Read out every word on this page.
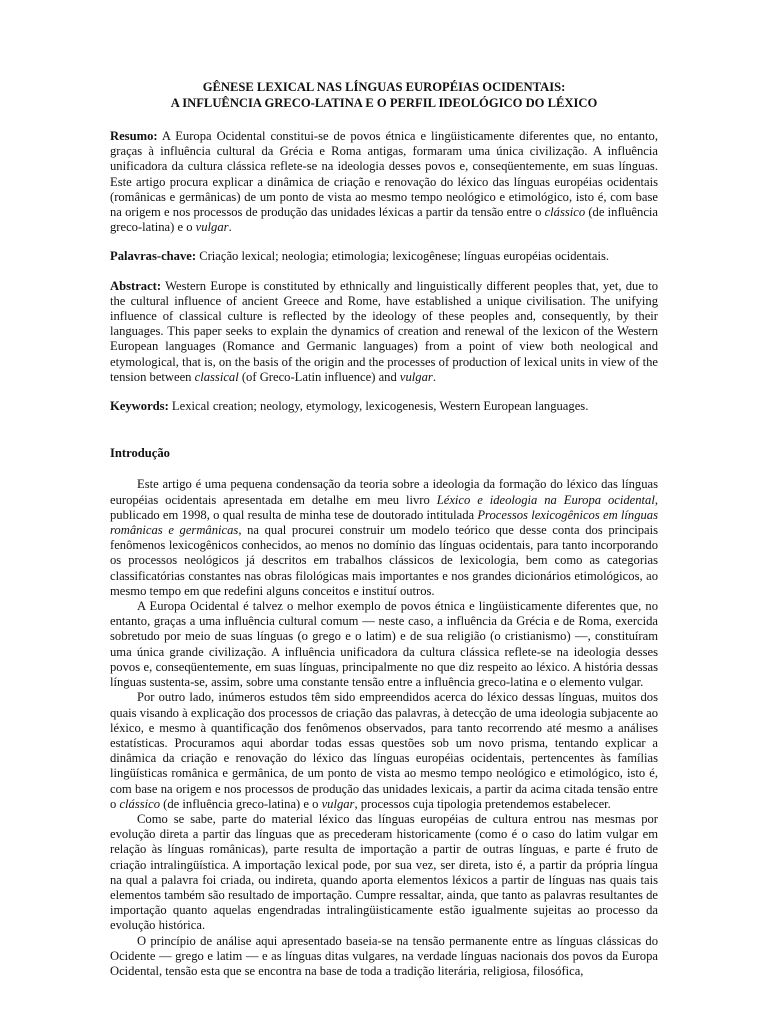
GÊNESE LEXICAL NAS LÍNGUAS EUROPÉIAS OCIDENTAIS:
A INFLUÊNCIA GRECO-LATINA E O PERFIL IDEOLÓGICO DO LÉXICO

Resumo: A Europa Ocidental constitui-se de povos étnica e lingüisticamente diferentes que, no entanto, graças à influência cultural da Grécia e Roma antigas, formaram uma única civilização. A influência unificadora da cultura clássica reflete-se na ideologia desses povos e, conseqüentemente, em suas línguas. Este artigo procura explicar a dinâmica de criação e renovação do léxico das línguas européias ocidentais (românicas e germânicas) de um ponto de vista ao mesmo tempo neológico e etimológico, isto é, com base na origem e nos processos de produção das unidades léxicas a partir da tensão entre o clássico (de influência greco-latina) e o vulgar.

Palavras-chave: Criação lexical; neologia; etimologia; lexicogênese; línguas européias ocidentais.

Abstract: Western Europe is constituted by ethnically and linguistically different peoples that, yet, due to the cultural influence of ancient Greece and Rome, have established a unique civilisation. The unifying influence of classical culture is reflected by the ideology of these peoples and, consequently, by their languages. This paper seeks to explain the dynamics of creation and renewal of the lexicon of the Western European languages (Romance and Germanic languages) from a point of view both neological and etymological, that is, on the basis of the origin and the processes of production of lexical units in view of the tension between classical (of Greco-Latin influence) and vulgar.

Keywords: Lexical creation; neology, etymology, lexicogenesis, Western European languages.

Introdução

Este artigo é uma pequena condensação da teoria sobre a ideologia da formação do léxico das línguas européias ocidentais apresentada em detalhe em meu livro Léxico e ideologia na Europa ocidental, publicado em 1998, o qual resulta de minha tese de doutorado intitulada Processos lexicogênicos em línguas românicas e germânicas, na qual procurei construir um modelo teórico que desse conta dos principais fenômenos lexicogênicos conhecidos, ao menos no domínio das línguas ocidentais, para tanto incorporando os processos neológicos já descritos em trabalhos clássicos de lexicologia, bem como as categorias classificatórias constantes nas obras filológicas mais importantes e nos grandes dicionários etimológicos, ao mesmo tempo em que redefini alguns conceitos e instituí outros.

A Europa Ocidental é talvez o melhor exemplo de povos étnica e lingüisticamente diferentes que, no entanto, graças a uma influência cultural comum — neste caso, a influência da Grécia e de Roma, exercida sobretudo por meio de suas línguas (o grego e o latim) e de sua religião (o cristianismo) —, constituíram uma única grande civilização. A influência unificadora da cultura clássica reflete-se na ideologia desses povos e, conseqüentemente, em suas línguas, principalmente no que diz respeito ao léxico. A história dessas línguas sustenta-se, assim, sobre uma constante tensão entre a influência greco-latina e o elemento vulgar.

Por outro lado, inúmeros estudos têm sido empreendidos acerca do léxico dessas línguas, muitos dos quais visando à explicação dos processos de criação das palavras, à detecção de uma ideologia subjacente ao léxico, e mesmo à quantificação dos fenômenos observados, para tanto recorrendo até mesmo a análises estatísticas. Procuramos aqui abordar todas essas questões sob um novo prisma, tentando explicar a dinâmica da criação e renovação do léxico das línguas européias ocidentais, pertencentes às famílias lingüísticas românica e germânica, de um ponto de vista ao mesmo tempo neológico e etimológico, isto é, com base na origem e nos processos de produção das unidades lexicais, a partir da acima citada tensão entre o clássico (de influência greco-latina) e o vulgar, processos cuja tipologia pretendemos estabelecer.

Como se sabe, parte do material léxico das línguas européias de cultura entrou nas mesmas por evolução direta a partir das línguas que as precederam historicamente (como é o caso do latim vulgar em relação às línguas românicas), parte resulta de importação a partir de outras línguas, e parte é fruto de criação intralingüística. A importação lexical pode, por sua vez, ser direta, isto é, a partir da própria língua na qual a palavra foi criada, ou indireta, quando aporta elementos léxicos a partir de línguas nas quais tais elementos também são resultado de importação. Cumpre ressaltar, ainda, que tanto as palavras resultantes de importação quanto aquelas engendradas intralingüisticamente estão igualmente sujeitas ao processo da evolução histórica.

O princípio de análise aqui apresentado baseia-se na tensão permanente entre as línguas clássicas do Ocidente — grego e latim — e as línguas ditas vulgares, na verdade línguas nacionais dos povos da Europa Ocidental, tensão esta que se encontra na base de toda a tradição literária, religiosa, filosófica,
